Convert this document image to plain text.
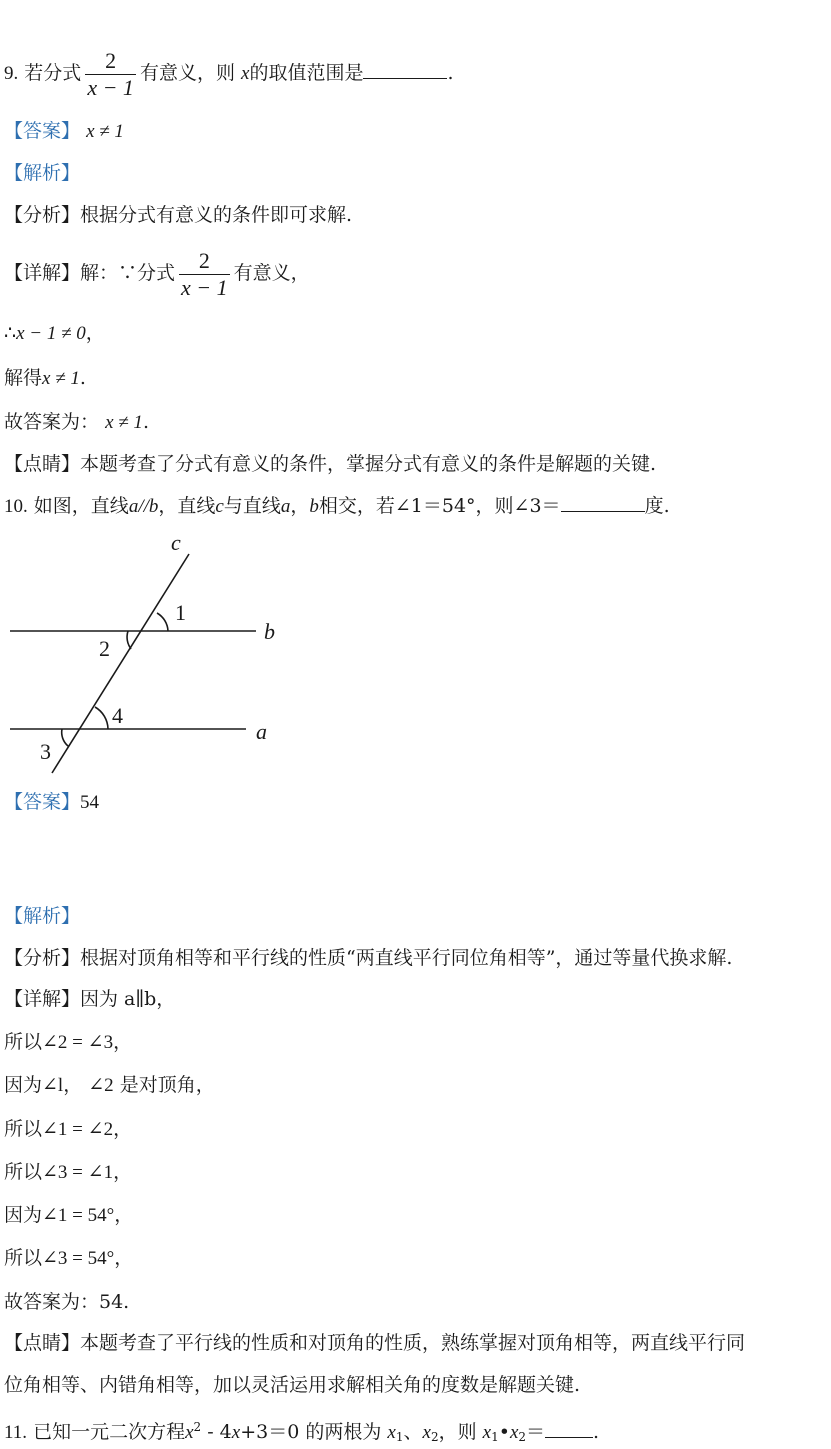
9. 若分式 $\frac{2}{x - 1}$ 有意义，则 x的取值范围是	.
【答案】 x ≠ 1
【解析】
【分析】根据分式有意义的条件即可求解.
【详解】解：∵分式 $\frac{2}{x - 1}$ 有意义，
∴x − 1 ≠ 0，
解得x ≠ 1.
故答案为： x ≠ 1.
【点睛】本题考查了分式有意义的条件，掌握分式有意义的条件是解题的关键.
10. 如图，直线a//b，直线c与直线a，b相交，若∠1＝54°，则∠3＝	度.
c
b
a
1
2
4
3
【答案】54
【解析】
【分析】根据对顶角相等和平行线的性质“两直线平行同位角相等”，通过等量代换求解.
【详解】因为 a∥b，
所以∠2 = ∠3，
因为∠l， ∠2 是对顶角，
所以∠1 = ∠2，
所以∠3 = ∠1，
因为∠1 = 54°，
所以∠3 = 54°，
故答案为：54.
【点睛】本题考查了平行线的性质和对顶角的性质，熟练掌握对顶角相等，两直线平行同
位角相等、内错角相等，加以灵活运用求解相关角的度数是解题关键.
11. 已知一元二次方程$x^2 - 4x+3=0$ 的两根为 $x_1$、$x_2$，则 $x_1•x_2=$	.
